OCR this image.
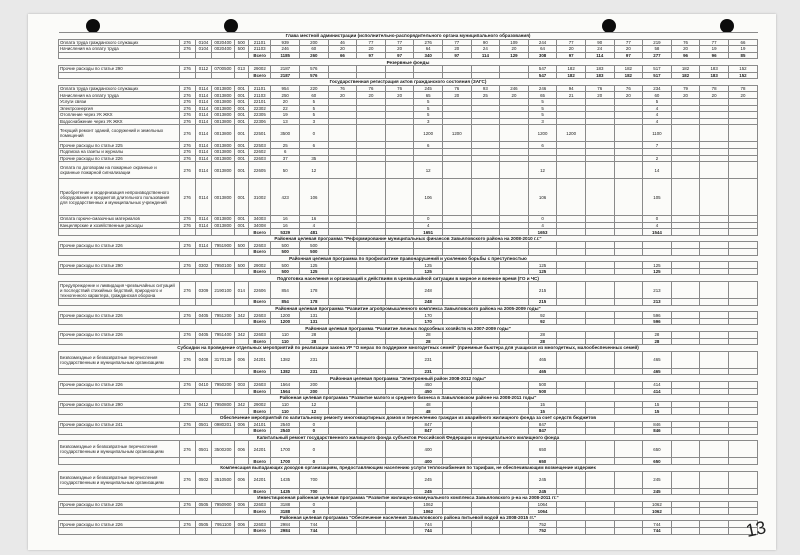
Глава местной администрации (исполнительно-распорядительного органа муниципального образования)																						
Оплата труда гражданского служащих	276	0104	0020400	500	21101	939	200	46	77	77	276	77	90	109	244	77	90	77	219	76	77	66
Начисления на оплату труда	276	0104	0020400	500	21103	246	60	20	20	20	64	20	24	20	64	20	24	20	58	20	19	19
					Всего	1185	260	66	97	97	340	97	114	129	308	97	114	97	277	96	96	85
Резервные фонды																						
Прочие расходы по статье 290	276	0112	0700500	013	29002	2187	576								547	182	183	182	517	182	183	152
					Всего	2187	576								547	182	183	182	517	182	183	152
Государственная регистрация актов гражданского состояния (ЗАГС)																						
Оплата труда гражданского служащих	276	0114	0013800	001	21101	954	220	76	76	76	245	76	93	246	246	94	76	76	234	79	78	78
Начисления на оплату труда	276	0114	0013800	001	21103	250	60	20	20	20	65	20	25	20	65	21	20	20	60	20	20	20
Услуги связи	276	0114	0013800	001	22101	20	5				5				5				5			
Электроэнергия	276	0114	0013800	001	22302	22	5				5				5				4			
Отопление через УК ЖКХ	276	0114	0013800	001	22305	19	5				5				5				4			
Водоснабжение через УК ЖКХ	276	0114	0013800	001	22306	13	3				3				3				4			
Текущий ремонт зданий, сооружений и земельных помещений	276	0114	0013800	001	22501	3500	0				1200	1200			1200	1200			1100			
Прочие расходы по статье 225	276	0114	0013800	001	22503	25	6				6				6				7			
Подписка на газеты и журналы	276	0114	0013800	001	22602	6																
Прочие расходы по статье 226	276	0114	0013800	001	22603	37	35												2			
Оплата по договорам на пожарные охранные и охранные пожарной сигнализации	276	0114	0013800	001	22605	50	12				12				12				14			
Приобретение и модернизация непроизводственного оборудования и предметов длительного пользования для государственных и муниципальных учреждений	276	0114	0013800	001	31002	423	106				106				106				105			
Оплата горюче-смазочных материалов	276	0114	0013800	001	34003	16	16				0				0				0			
Канцелярские и хозяйственные расходы	276	0114	0013800	001	34008	16	4				4				4				4			
					Всего	5329	481				1651				1653				1544			
Районная целевая программа "Реформирование муниципальных финансов Завьяловского района на 2008-2010 г.г."																						
Прочие расходы по статье 226	276	0114	7951900	500	22603	500	500															
					Всего	500	500															
Районная целевая программа по профилактике правонарушений и усилению борьбы с преступностью																						
Прочие расходы по статье 290	276	0302	7950100	500	29002	500	125				125				125				125			
					Всего	500	125				125				125				125			
Подготовка населения и организаций к действиям в чрезвычайной ситуации в мирное и военное время (ГО и ЧС)																						
Предупреждение и ликвидация чрезвычайных ситуаций и последствий стихийных бедствий, природного и техногенного характера, гражданская оборона	276	0309	2190100	014	22606	854	178				248				215				213			
					Всего	854	178				248				215				213			
Районная целевая программа "Развитие агропромышленного комплекса Завьяловского района на 2005-2009 годы"																						
Прочие расходы по статье 226	276	0405	7951200	342	22603	1200	131				170				92				596			
					Всего	1200	131				170				92				596			
Районная целевая программа "Развитие личных подсобных хозяйств на 2007-2009 годы"																						
Прочие расходы по статье 226	276	0405	7951400	342	22603	110	28				28				28				28			
					Всего	110	28				28				28				28			
Субсидии на проведение отдельных мероприятий по реализации закона УР "О мерах по поддержке многодетных семей" (приемные бьютера для учащихся из многодетных, малообеспеченных семей)																						
Безвозмездные и безвозвратные перечисления государственным и муниципальным организациям	276	0408	3170139	006	24201	1382	231				231				465				465			
					Всего	1382	231				231				465				465			
Районная целевая программа "Электронный район 2008-2012 годы"																						
Прочие расходы по статье 226	276	0410	7950200	003	22603	1564	200				450				500				414			
					Всего	1564	200				450				500				414			
Районная целевая программа "Развитие малого и среднего бизнеса в Завьяловском районе на 2008-2011 годы"																						
Прочие расходы по статье 290	276	0412	7950800	342	29002	110	12				48				15				15			
					Всего	110	12				48				15				15			
Обеспечение мероприятий по капитальному ремонту многоквартирных домов и переселению граждан из аварийного жилищного фонда за счет средств бюджетов																						
Прочие расходы по статье 241	276	0501	0980201	006	24101	2540	0				847				847				846			
					Всего	2540	0				847				847				846			
Капитальный ремонт государственного жилищного фонда субъектов Российской Федерации и муниципального жилищного фонда																						
Безвозмездные и безвозвратные перечисления государственным и муниципальным организациям	276	0501	3500200	006	24201	1700	0				400				650				650			
					Всего	1700	0				400				650				650			
Компенсация выпадающих доходов организациям, предоставляющим населению услуги теплоснабжения по тарифам, не обеспечивающим возмещение издержек																						
Безвозмездные и безвозвратные перечисления государственным и муниципальным организациям	276	0502	3510500	006	24201	1435	700				245				245				245			
					Всего	1435	700				245				245				245			
Инвестиционная районная целевая программа "Развитие жилищно-коммунального комплекса Завьяловского р-на на 2008-2011 гг."																						
Прочие расходы по статье 226	276	0505	7950900	006	22603	3188	0				1062				1064				1062			
					Всего	3188	0				1062				1064				1062			
Районная целевая программа "Обеспечение населения Завьяловского района питьевой водой на 2008-2015 гг."																						
Прочие расходы по статье 226	276	0505	7951100	006	22603	2984	744				744				752				744			
					Всего	2984	744				744				752				744				13
